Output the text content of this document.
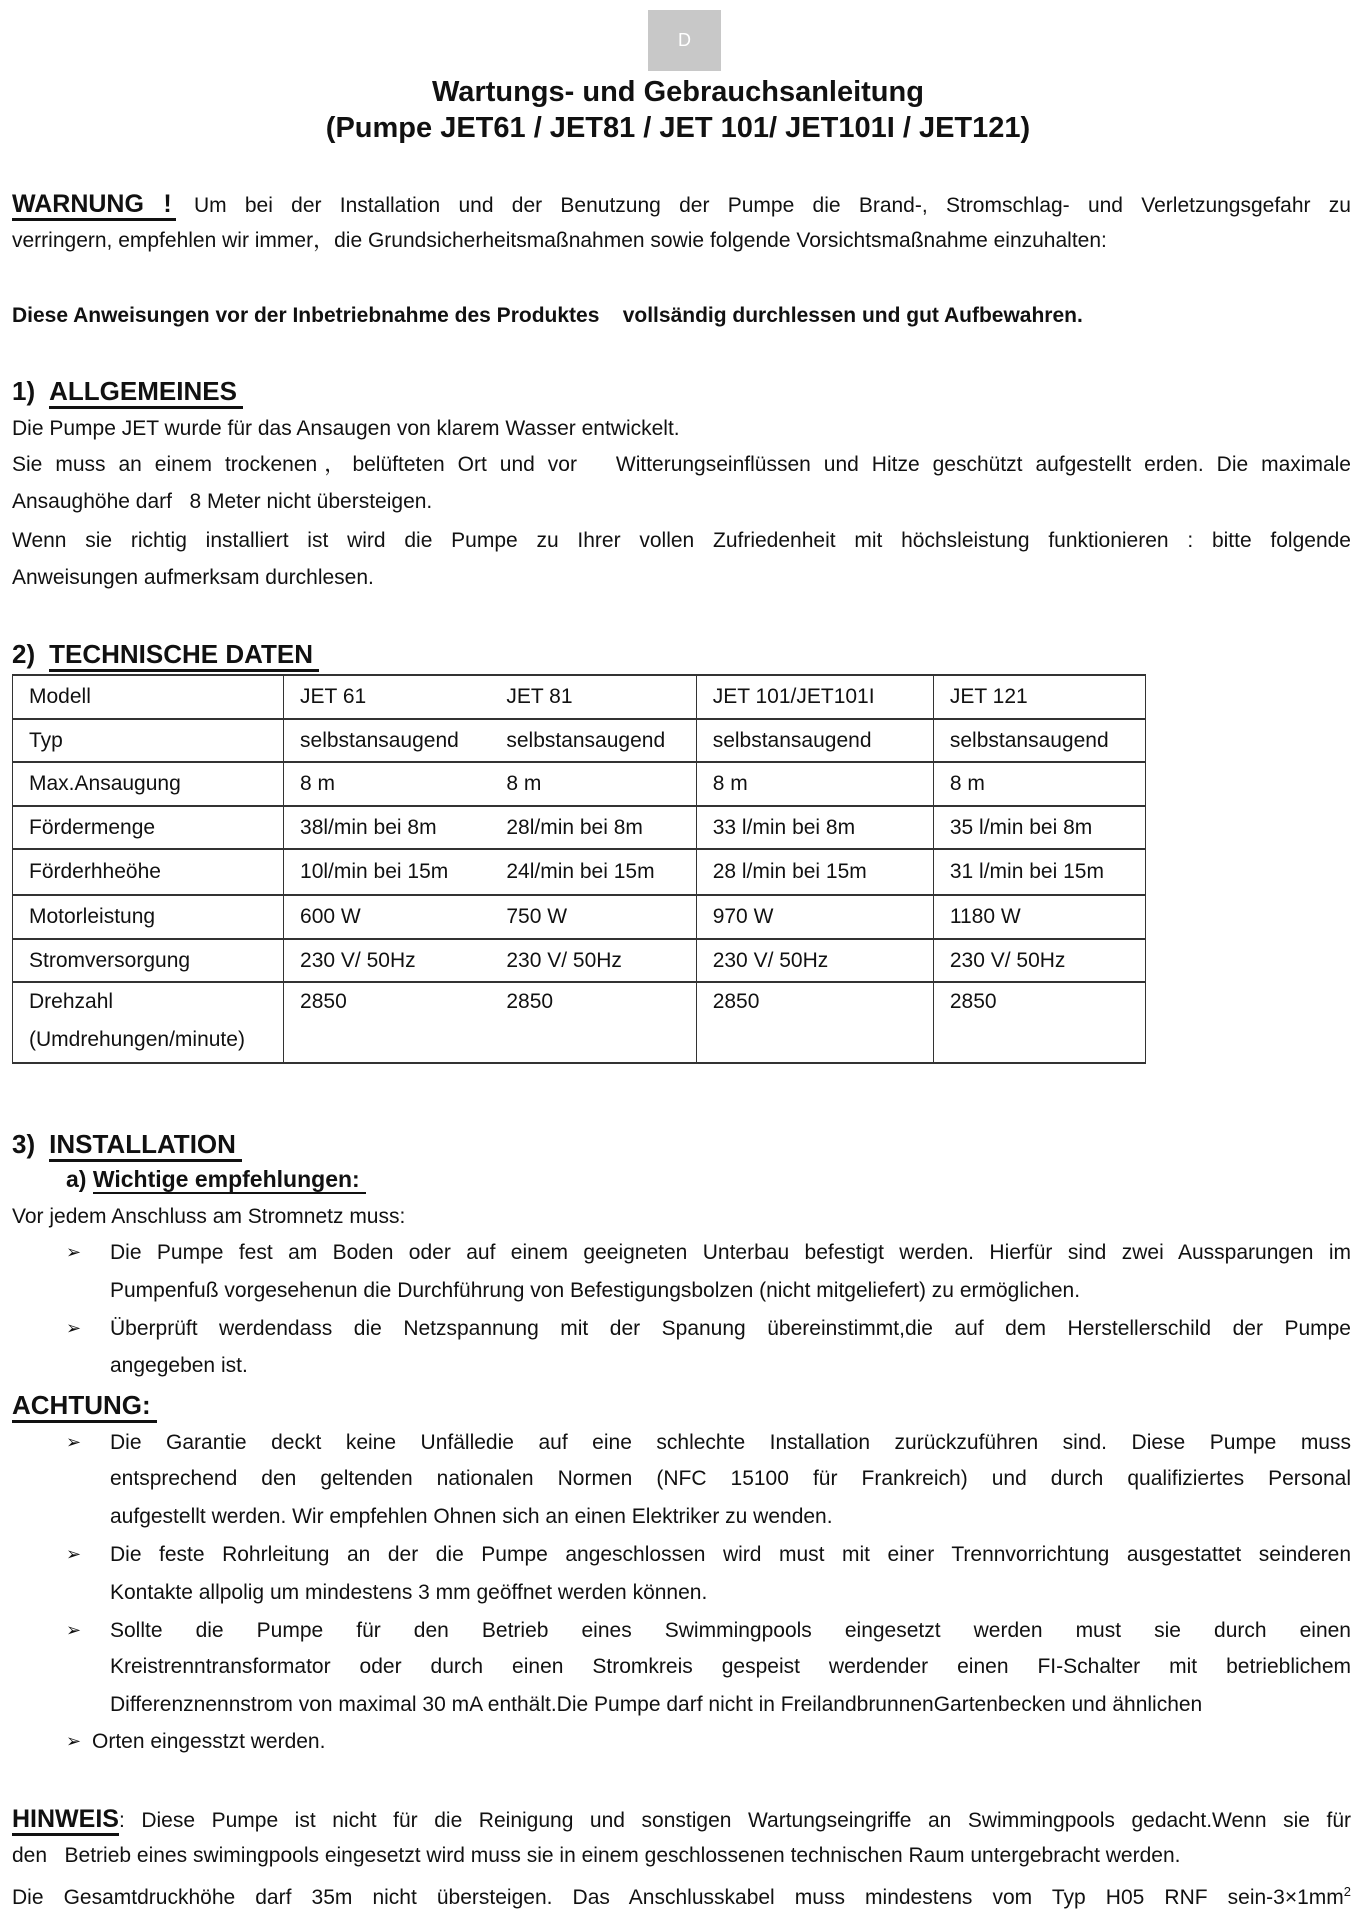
D
Wartungs- und Gebrauchsanleitung
(Pumpe JET61 / JET81 / JET 101/ JET101I / JET121)
WARNUNG ! Um bei der Installation und der Benutzung der Pumpe die Brand-, Stromschlag- und Verletzungsgefahr zu
verringern, empfehlen wir immer，die Grundsicherheitsmaßnahmen sowie folgende Vorsichtsmaßnahme einzuhalten:
Diese Anweisungen vor der Inbetriebnahme des Produktes    vollsändig durchlessen und gut Aufbewahren.
1) ALLGEMEINES
Die Pumpe JET wurde für das Ansaugen von klarem Wasser entwickelt.
Sie muss an einem trockenen，belüfteten Ort und vor   Witterungseinflüssen und Hitze geschützt aufgestellt erden. Die maximale
Ansaughöhe darf   8 Meter nicht übersteigen.
Wenn sie richtig installiert ist wird die Pumpe zu Ihrer vollen Zufriedenheit mit höchsleistung funktionieren : bitte folgende
Anweisungen aufmerksam durchlesen.
2) TECHNISCHE DATEN
Modell	JET 61	JET 81	JET 101/JET101I	JET 121
Typ	selbstansaugend	selbstansaugend	selbstansaugend	selbstansaugend
Max.Ansaugung	8 m	8 m	8 m	8 m
Fördermenge	38l/min bei 8m	28l/min bei 8m	33 l/min bei 8m	35 l/min bei 8m
Förderhheöhe	10l/min bei 15m	24l/min bei 15m	28 l/min bei 15m	31 l/min bei 15m
Motorleistung	600 W	750 W	970 W	1180 W
Stromversorgung	230 V/ 50Hz	230 V/ 50Hz	230 V/ 50Hz	230 V/ 50Hz

Drehzahl
(Umdrehungen/minute)	2850	2850	2850	2850
3) INSTALLATION
a) Wichtige empfehlungen:
Vor jedem Anschluss am Stromnetz muss:
ACHTUNG:
➢ Die Pumpe fest am Boden oder auf einem geeigneten Unterbau befestigt werden. Hierfür sind zwei Aussparungen im
Pumpenfuß vorgesehenun die Durchführung von Befestigungsbolzen (nicht mitgeliefert) zu ermöglichen.
➢ Überprüft werdendass die Netzspannung mit der Spanung übereinstimmt,die auf dem Herstellerschild der Pumpe
angegeben ist.
➢ Die Garantie deckt keine Unfälledie auf eine schlechte Installation zurückzuführen sind. Diese Pumpe muss
entsprechend den geltenden nationalen Normen (NFC 15100 für Frankreich) und durch qualifiziertes Personal
aufgestellt werden. Wir empfehlen Ohnen sich an einen Elektriker zu wenden.
➢ Die feste Rohrleitung an der die Pumpe angeschlossen wird must mit einer Trennvorrichtung ausgestattet seinderen
Kontakte allpolig um mindestens 3 mm geöffnet werden können.
➢ Sollte die Pumpe für den Betrieb eines Swimmingpools eingesetzt werden must sie durch einen
Kreistrenntransformator oder durch einen Stromkreis gespeist werdender einen FI-Schalter mit betrieblichem
Differenznennstrom von maximal 30 mA enthält.Die Pumpe darf nicht in FreilandbrunnenGartenbecken und ähnlichen
➢ Orten eingesstzt werden.
HINWEIS: Diese Pumpe ist nicht für die Reinigung und sonstigen Wartungseingriffe an Swimmingpools gedacht.Wenn sie für
den   Betrieb eines swimingpools eingesetzt wird muss sie in einem geschlossenen technischen Raum untergebracht werden.
Die Gesamtdruckhöhe darf 35m nicht übersteigen. Das Anschlusskabel muss mindestens vom Typ H05 RNF sein-$3\times 1mm^2$
